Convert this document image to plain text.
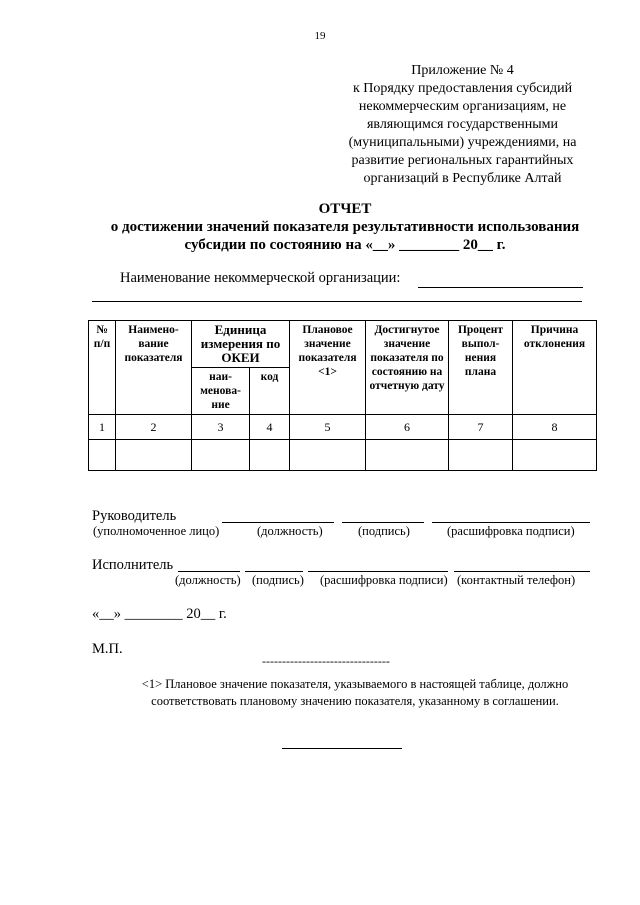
19
Приложение № 4
к Порядку предоставления субсидий
некоммерческим организациям, не
являющимся государственными
(муниципальными) учреждениями, на
развитие региональных гарантийных
организаций в Республике Алтай
ОТЧЕТ
о достижении значений показателя результативности использования
субсидии по состоянию на «__» ________ 20__ г.
Наименование некоммерческой организации:
№ п/п	Наимено-вание показателя	Единица измерения по ОКЕИ		Плановое значение показателя <1>	Достигнутое значение показателя по состоянию на отчетную дату	Процент выпол-нения плана	Причина отклонения
		наи-менова-ние	код				
1	2	3	4	5	6	7	8

Руководитель
(уполномоченное лицо)	(должность)	(подпись)	(расшифровка подписи)
Исполнитель
(должность) (подпись) (расшифровка подписи) (контактный телефон)
«__» ________ 20__ г.
М.П.
--------------------------------
<1> Плановое значение показателя, указываемого в настоящей таблице, должно соответствовать плановому значению показателя, указанному в соглашении.
